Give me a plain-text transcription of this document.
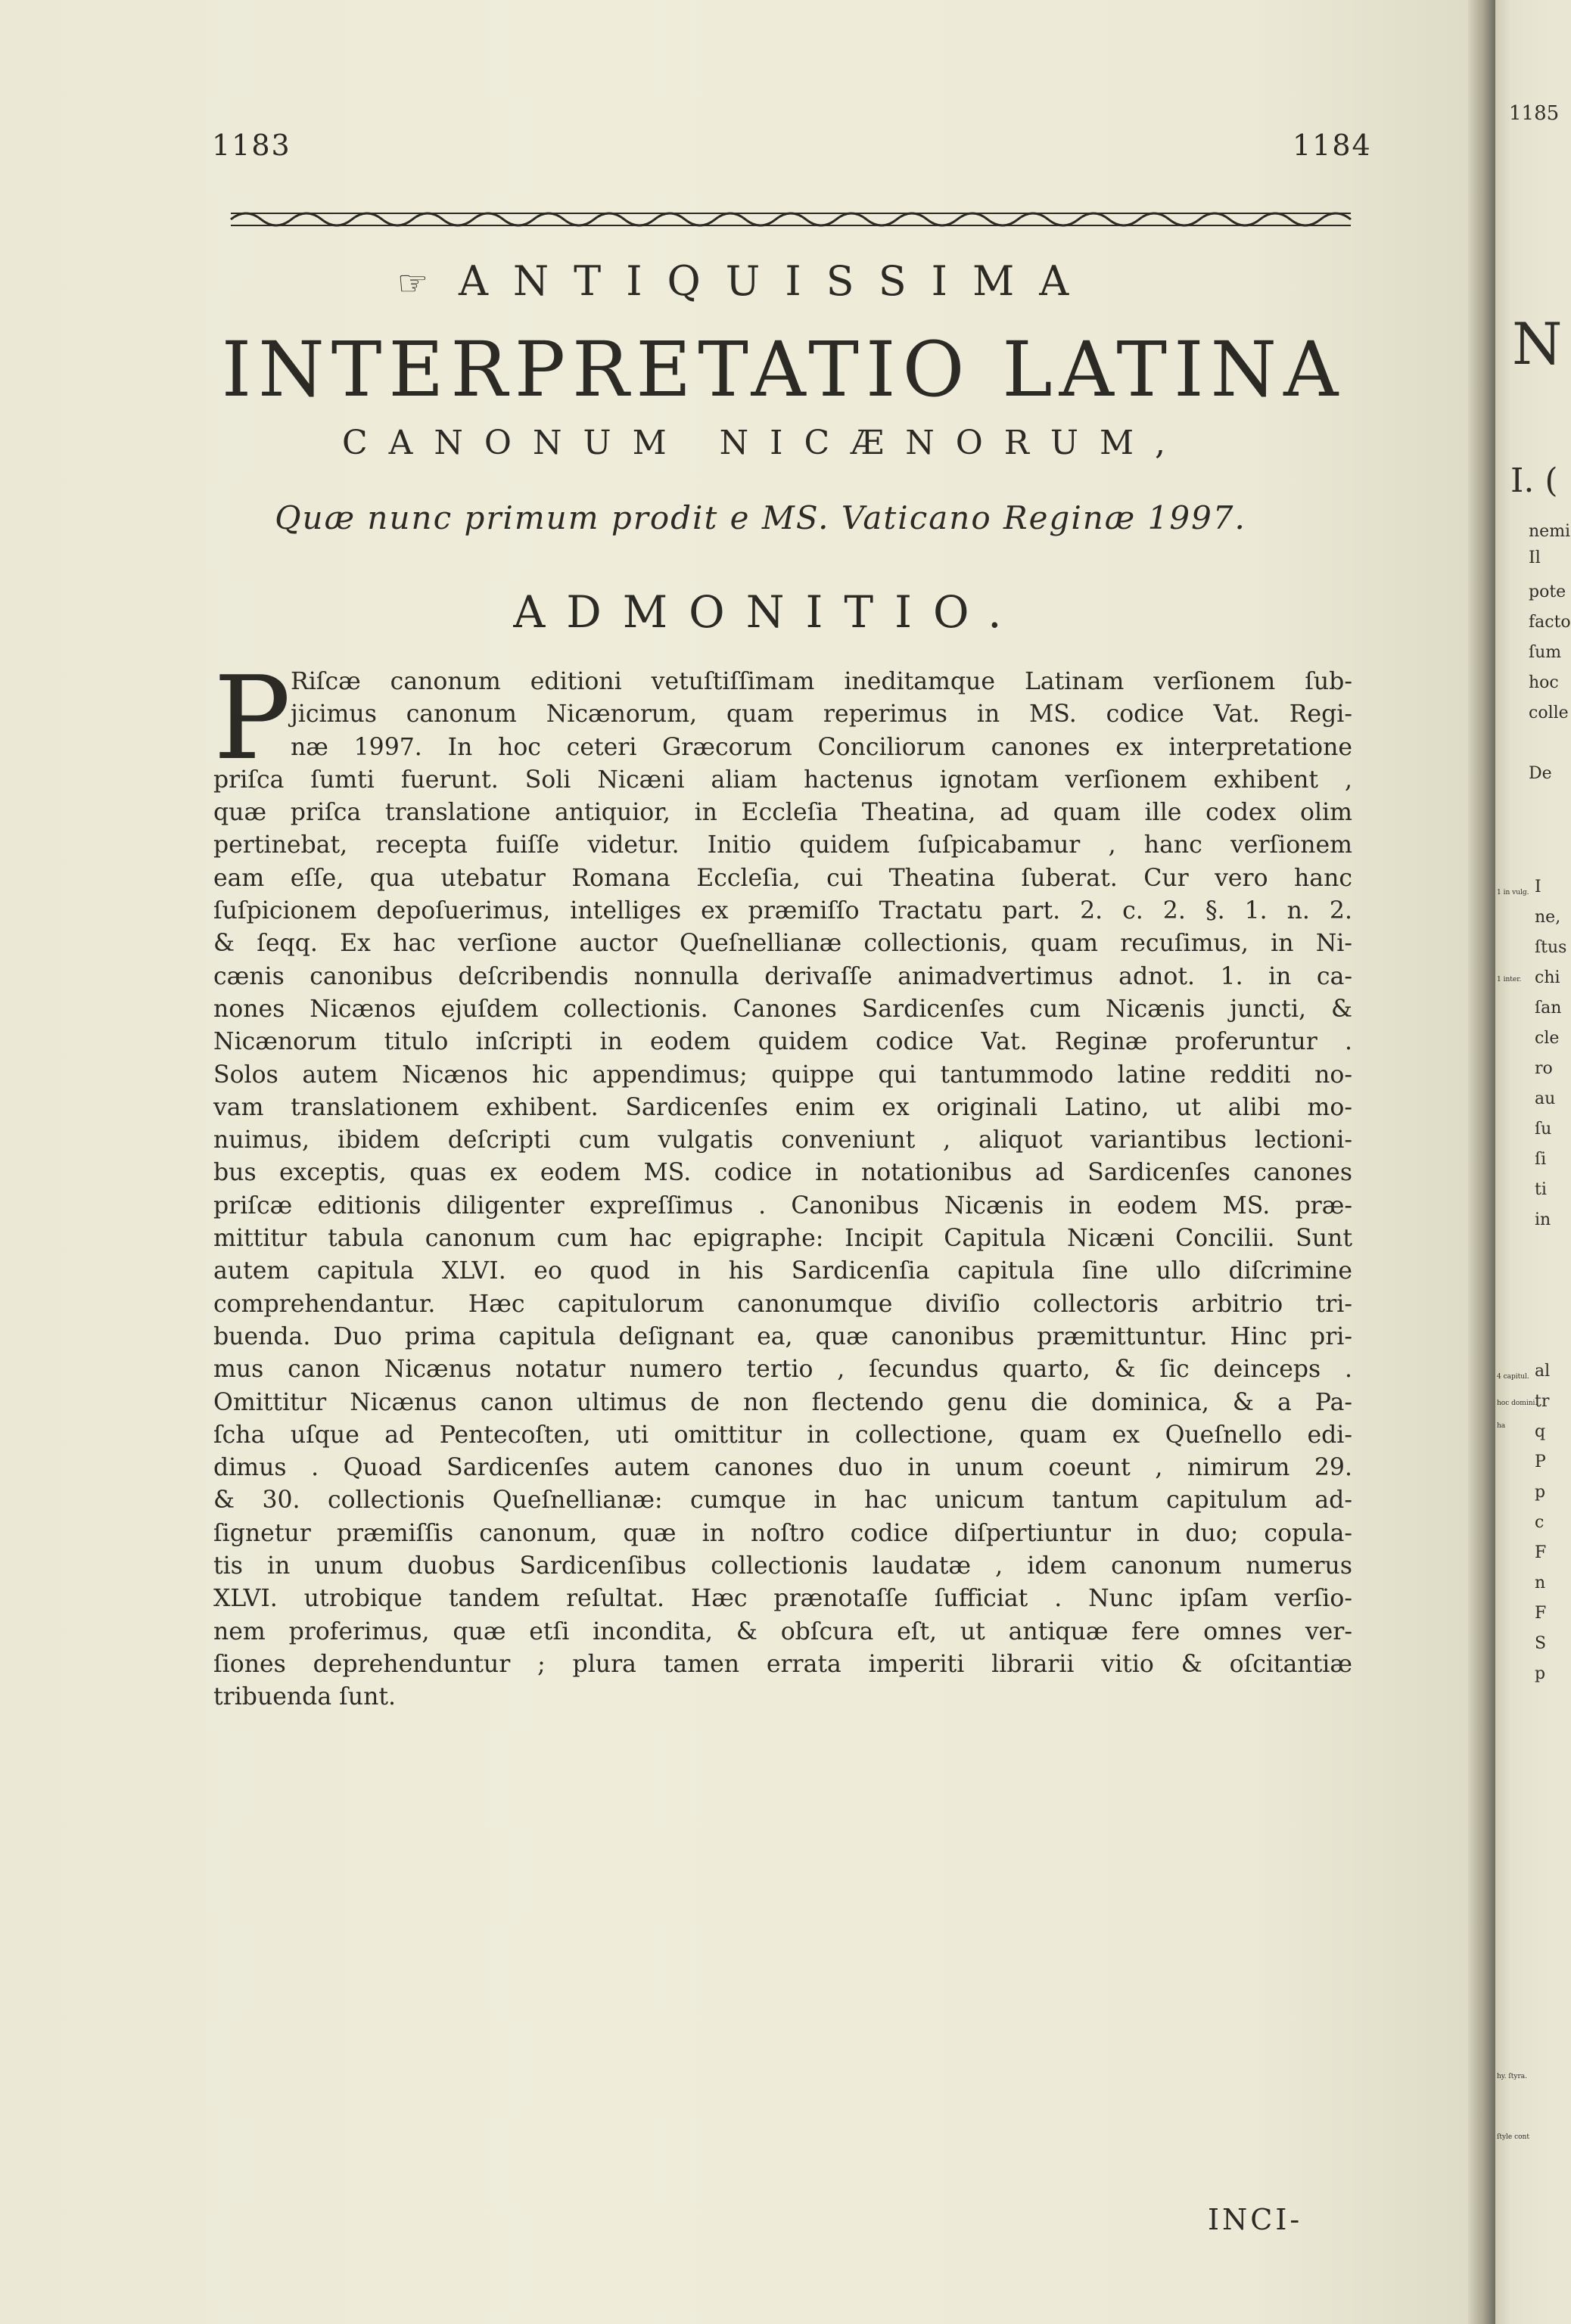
1183	1184
☞ ANTIQUISSIMA
INTERPRETATIO LATINA
CANONUM NICÆNORUM,
Quæ nunc primum prodit e MS. Vaticano Reginæ 1997.
ADMONITIO.
P Riſcæ canonum editioni vetuſtiſſimam ineditamque Latinam verſionem ſub-
jicimus canonum Nicænorum, quam reperimus in MS. codice Vat. Regi-
næ 1997. In hoc ceteri Græcorum Conciliorum canones ex interpretatione
priſca ſumti fuerunt. Soli Nicæni aliam hactenus ignotam verſionem exhibent ,
quæ priſca translatione antiquior, in Eccleſia Theatina, ad quam ille codex olim
pertinebat, recepta fuiſſe videtur. Initio quidem ſuſpicabamur , hanc verſionem
eam eſſe, qua utebatur Romana Eccleſia, cui Theatina ſuberat. Cur vero hanc
ſuſpicionem depoſuerimus, intelliges ex præmiſſo Tractatu part. 2. c. 2. §. 1. n. 2.
& ſeqq. Ex hac verſione auctor Queſnellianæ collectionis, quam recuſimus, in Ni-
cænis canonibus deſcribendis nonnulla derivaſſe animadvertimus adnot. 1. in ca-
nones Nicænos ejuſdem collectionis. Canones Sardicenſes cum Nicænis juncti, &
Nicænorum titulo inſcripti in eodem quidem codice Vat. Reginæ proferuntur .
Solos autem Nicænos hic appendimus; quippe qui tantummodo latine redditi no-
vam translationem exhibent. Sardicenſes enim ex originali Latino, ut alibi mo-
nuimus, ibidem deſcripti cum vulgatis conveniunt , aliquot variantibus lectioni-
bus exceptis, quas ex eodem MS. codice in notationibus ad Sardicenſes canones
priſcæ editionis diligenter expreſſimus . Canonibus Nicænis in eodem MS. præ-
mittitur tabula canonum cum hac epigraphe: Incipit Capitula Nicæni Concilii. Sunt
autem capitula XLVI. eo quod in his Sardicenſia capitula ſine ullo diſcrimine
comprehendantur. Hæc capitulorum canonumque diviſio collectoris arbitrio tri-
buenda. Duo prima capitula deſignant ea, quæ canonibus præmittuntur. Hinc pri-
mus canon Nicænus notatur numero tertio , ſecundus quarto, & ſic deinceps .
Omittitur Nicænus canon ultimus de non flectendo genu die dominica, & a Pa-
ſcha uſque ad Pentecoſten, uti omittitur in collectione, quam ex Queſnello edi-
dimus . Quoad Sardicenſes autem canones duo in unum coeunt , nimirum 29.
& 30. collectionis Queſnellianæ: cumque in hac unicum tantum capitulum ad-
ſignetur præmiſſis canonum, quæ in noſtro codice diſpertiuntur in duo; copula-
tis in unum duobus Sardicenſibus collectionis laudatæ , idem canonum numerus
XLVI. utrobique tandem reſultat. Hæc prænotaſſe ſufficiat . Nunc ipſam verſio-
nem proferimus, quæ etſi incondita, & obſcura eſt, ut antiquæ fere omnes ver-
ſiones deprehenduntur ; plura tamen errata imperiti librarii vitio & oſcitantiæ
tribuenda ſunt.
INCI-
1185
N
I. (
nemi
Il
pote
facto
ſum
hoc
colle
De
I
ne,
ſtus
chi
ſan
cle
ro
au
ſu
ſi
ti
in
al
tr
q
P
p
c
F
n
F
S
p
1 in vulg.
1 inter.
4 capitul.
hoc domini.
ha
hy. ſtyra.
ſtyle cont
